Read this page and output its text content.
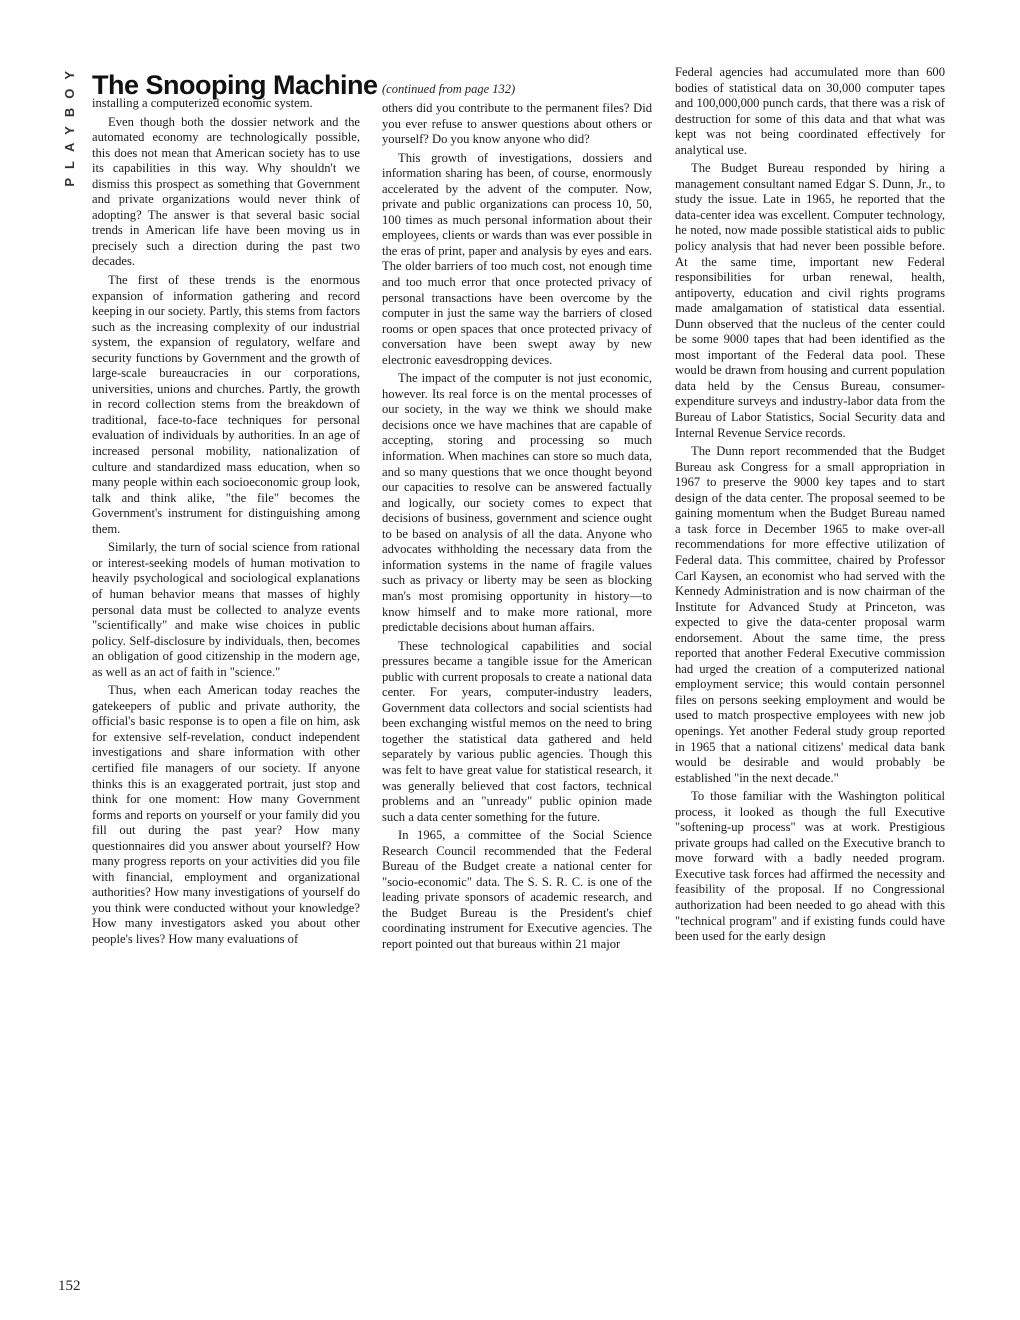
PLAYBOY The Snooping Machine (continued from page 132)

installing a computerized economic system.

Even though both the dossier network and the automated economy are technologically possible, this does not mean that American society has to use its capabilities in this way. Why shouldn't we dismiss this prospect as something that Government and private organizations would never think of adopting? The answer is that several basic social trends in American life have been moving us in precisely such a direction during the past two decades.

The first of these trends is the enormous expansion of information gathering and record keeping in our society. Partly, this stems from factors such as the increasing complexity of our industrial system, the expansion of regulatory, welfare and security functions by Government and the growth of large-scale bureaucracies in our corporations, universities, unions and churches. Partly, the growth in record collection stems from the breakdown of traditional, face-to-face techniques for personal evaluation of individuals by authorities. In an age of increased personal mobility, nationalization of culture and standardized mass education, when so many people within each socioeconomic group look, talk and think alike, "the file" becomes the Government's instrument for distinguishing among them.

Similarly, the turn of social science from rational or interest-seeking models of human motivation to heavily psychological and sociological explanations of human behavior means that masses of highly personal data must be collected to analyze events "scientifically" and make wise choices in public policy. Self-disclosure by individuals, then, becomes an obligation of good citizenship in the modern age, as well as an act of faith in "science."

Thus, when each American today reaches the gatekeepers of public and private authority, the official's basic response is to open a file on him, ask for extensive self-revelation, conduct independent investigations and share information with other certified file managers of our society. If anyone thinks this is an exaggerated portrait, just stop and think for one moment: How many Government forms and reports on yourself or your family did you fill out during the past year? How many questionnaires did you answer about yourself? How many progress reports on your activities did you file with financial, employment and organizational authorities? How many investigations of yourself do you think were conducted without your knowledge? How many investigators asked you about other people's lives? How many evaluations of

others did you contribute to the permanent files? Did you ever refuse to answer questions about others or yourself? Do you know anyone who did?

This growth of investigations, dossiers and information sharing has been, of course, enormously accelerated by the advent of the computer. Now, private and public organizations can process 10, 50, 100 times as much personal information about their employees, clients or wards than was ever possible in the eras of print, paper and analysis by eyes and ears. The older barriers of too much cost, not enough time and too much error that once protected privacy of personal transactions have been overcome by the computer in just the same way the barriers of closed rooms or open spaces that once protected privacy of conversation have been swept away by new electronic eavesdropping devices.

The impact of the computer is not just economic, however. Its real force is on the mental processes of our society, in the way we think we should make decisions once we have machines that are capable of accepting, storing and processing so much information. When machines can store so much data, and so many questions that we once thought beyond our capacities to resolve can be answered factually and logically, our society comes to expect that decisions of business, government and science ought to be based on analysis of all the data. Anyone who advocates withholding the necessary data from the information systems in the name of fragile values such as privacy or liberty may be seen as blocking man's most promising opportunity in history—to know himself and to make more rational, more predictable decisions about human affairs.

These technological capabilities and social pressures became a tangible issue for the American public with current proposals to create a national data center. For years, computer-industry leaders, Government data collectors and social scientists had been exchanging wistful memos on the need to bring together the statistical data gathered and held separately by various public agencies. Though this was felt to have great value for statistical research, it was generally believed that cost factors, technical problems and an "unready" public opinion made such a data center something for the future.

In 1965, a committee of the Social Science Research Council recommended that the Federal Bureau of the Budget create a national center for "socio-economic" data. The S. S. R. C. is one of the leading private sponsors of academic research, and the Budget Bureau is the President's chief coordinating instrument for Executive agencies. The report pointed out that bureaus within 21 major

Federal agencies had accumulated more than 600 bodies of statistical data on 30,000 computer tapes and 100,000,000 punch cards, that there was a risk of destruction for some of this data and that what was kept was not being coordinated effectively for analytical use.

The Budget Bureau responded by hiring a management consultant named Edgar S. Dunn, Jr., to study the issue. Late in 1965, he reported that the data-center idea was excellent. Computer technology, he noted, now made possible statistical aids to public policy analysis that had never been possible before. At the same time, important new Federal responsibilities for urban renewal, health, antipoverty, education and civil rights programs made amalgamation of statistical data essential. Dunn observed that the nucleus of the center could be some 9000 tapes that had been identified as the most important of the Federal data pool. These would be drawn from housing and current population data held by the Census Bureau, consumer-expenditure surveys and industry-labor data from the Bureau of Labor Statistics, Social Security data and Internal Revenue Service records.

The Dunn report recommended that the Budget Bureau ask Congress for a small appropriation in 1967 to preserve the 9000 key tapes and to start design of the data center. The proposal seemed to be gaining momentum when the Budget Bureau named a task force in December 1965 to make over-all recommendations for more effective utilization of Federal data. This committee, chaired by Professor Carl Kaysen, an economist who had served with the Kennedy Administration and is now chairman of the Institute for Advanced Study at Princeton, was expected to give the data-center proposal warm endorsement. About the same time, the press reported that another Federal Executive commission had urged the creation of a computerized national employment service; this would contain personnel files on persons seeking employment and would be used to match prospective employees with new job openings. Yet another Federal study group reported in 1965 that a national citizens' medical data bank would be desirable and would probably be established "in the next decade."

To those familiar with the Washington political process, it looked as though the full Executive "softening-up process" was at work. Prestigious private groups had called on the Executive branch to move forward with a badly needed program. Executive task forces had affirmed the necessity and feasibility of the proposal. If no Congressional authorization had been needed to go ahead with this "technical program" and if existing funds could have been used for the early design

152
